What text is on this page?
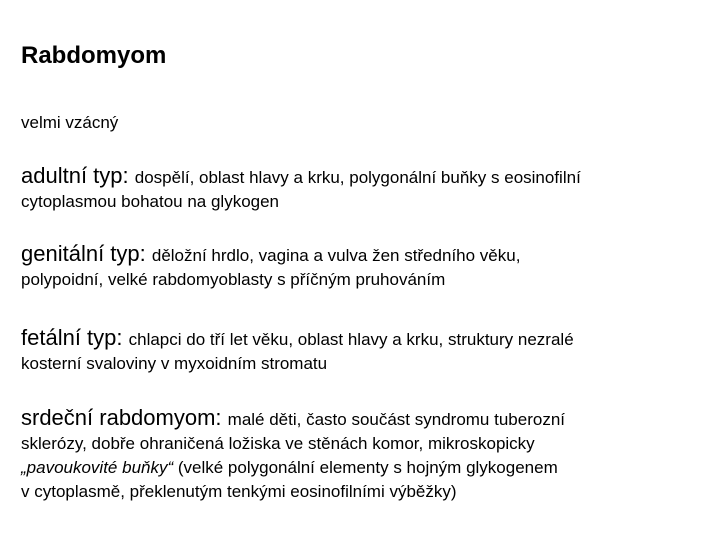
Rabdomyom

velmi vzácný

adultní typ: dospělí, oblast hlavy a krku, polygonální buňky s eosinofilní
cytoplasmou bohatou na glykogen

genitální typ: děložní hrdlo, vagina a vulva žen středního věku,
polypoidní, velké rabdomyoblasty s příčným pruhováním

fetální typ: chlapci do tří let věku, oblast hlavy a krku, struktury nezralé
kosterní svaloviny v myxoidním stromatu

srdeční rabdomyom: malé děti, často součást syndromu tuberozní
sklerózy, dobře ohraničená ložiska ve stěnách komor, mikroskopicky
„pavoukovité buňky“ (velké polygonální elementy s hojným glykogenem
v cytoplasmě, překlenutým tenkými eosinofilními výběžky)
